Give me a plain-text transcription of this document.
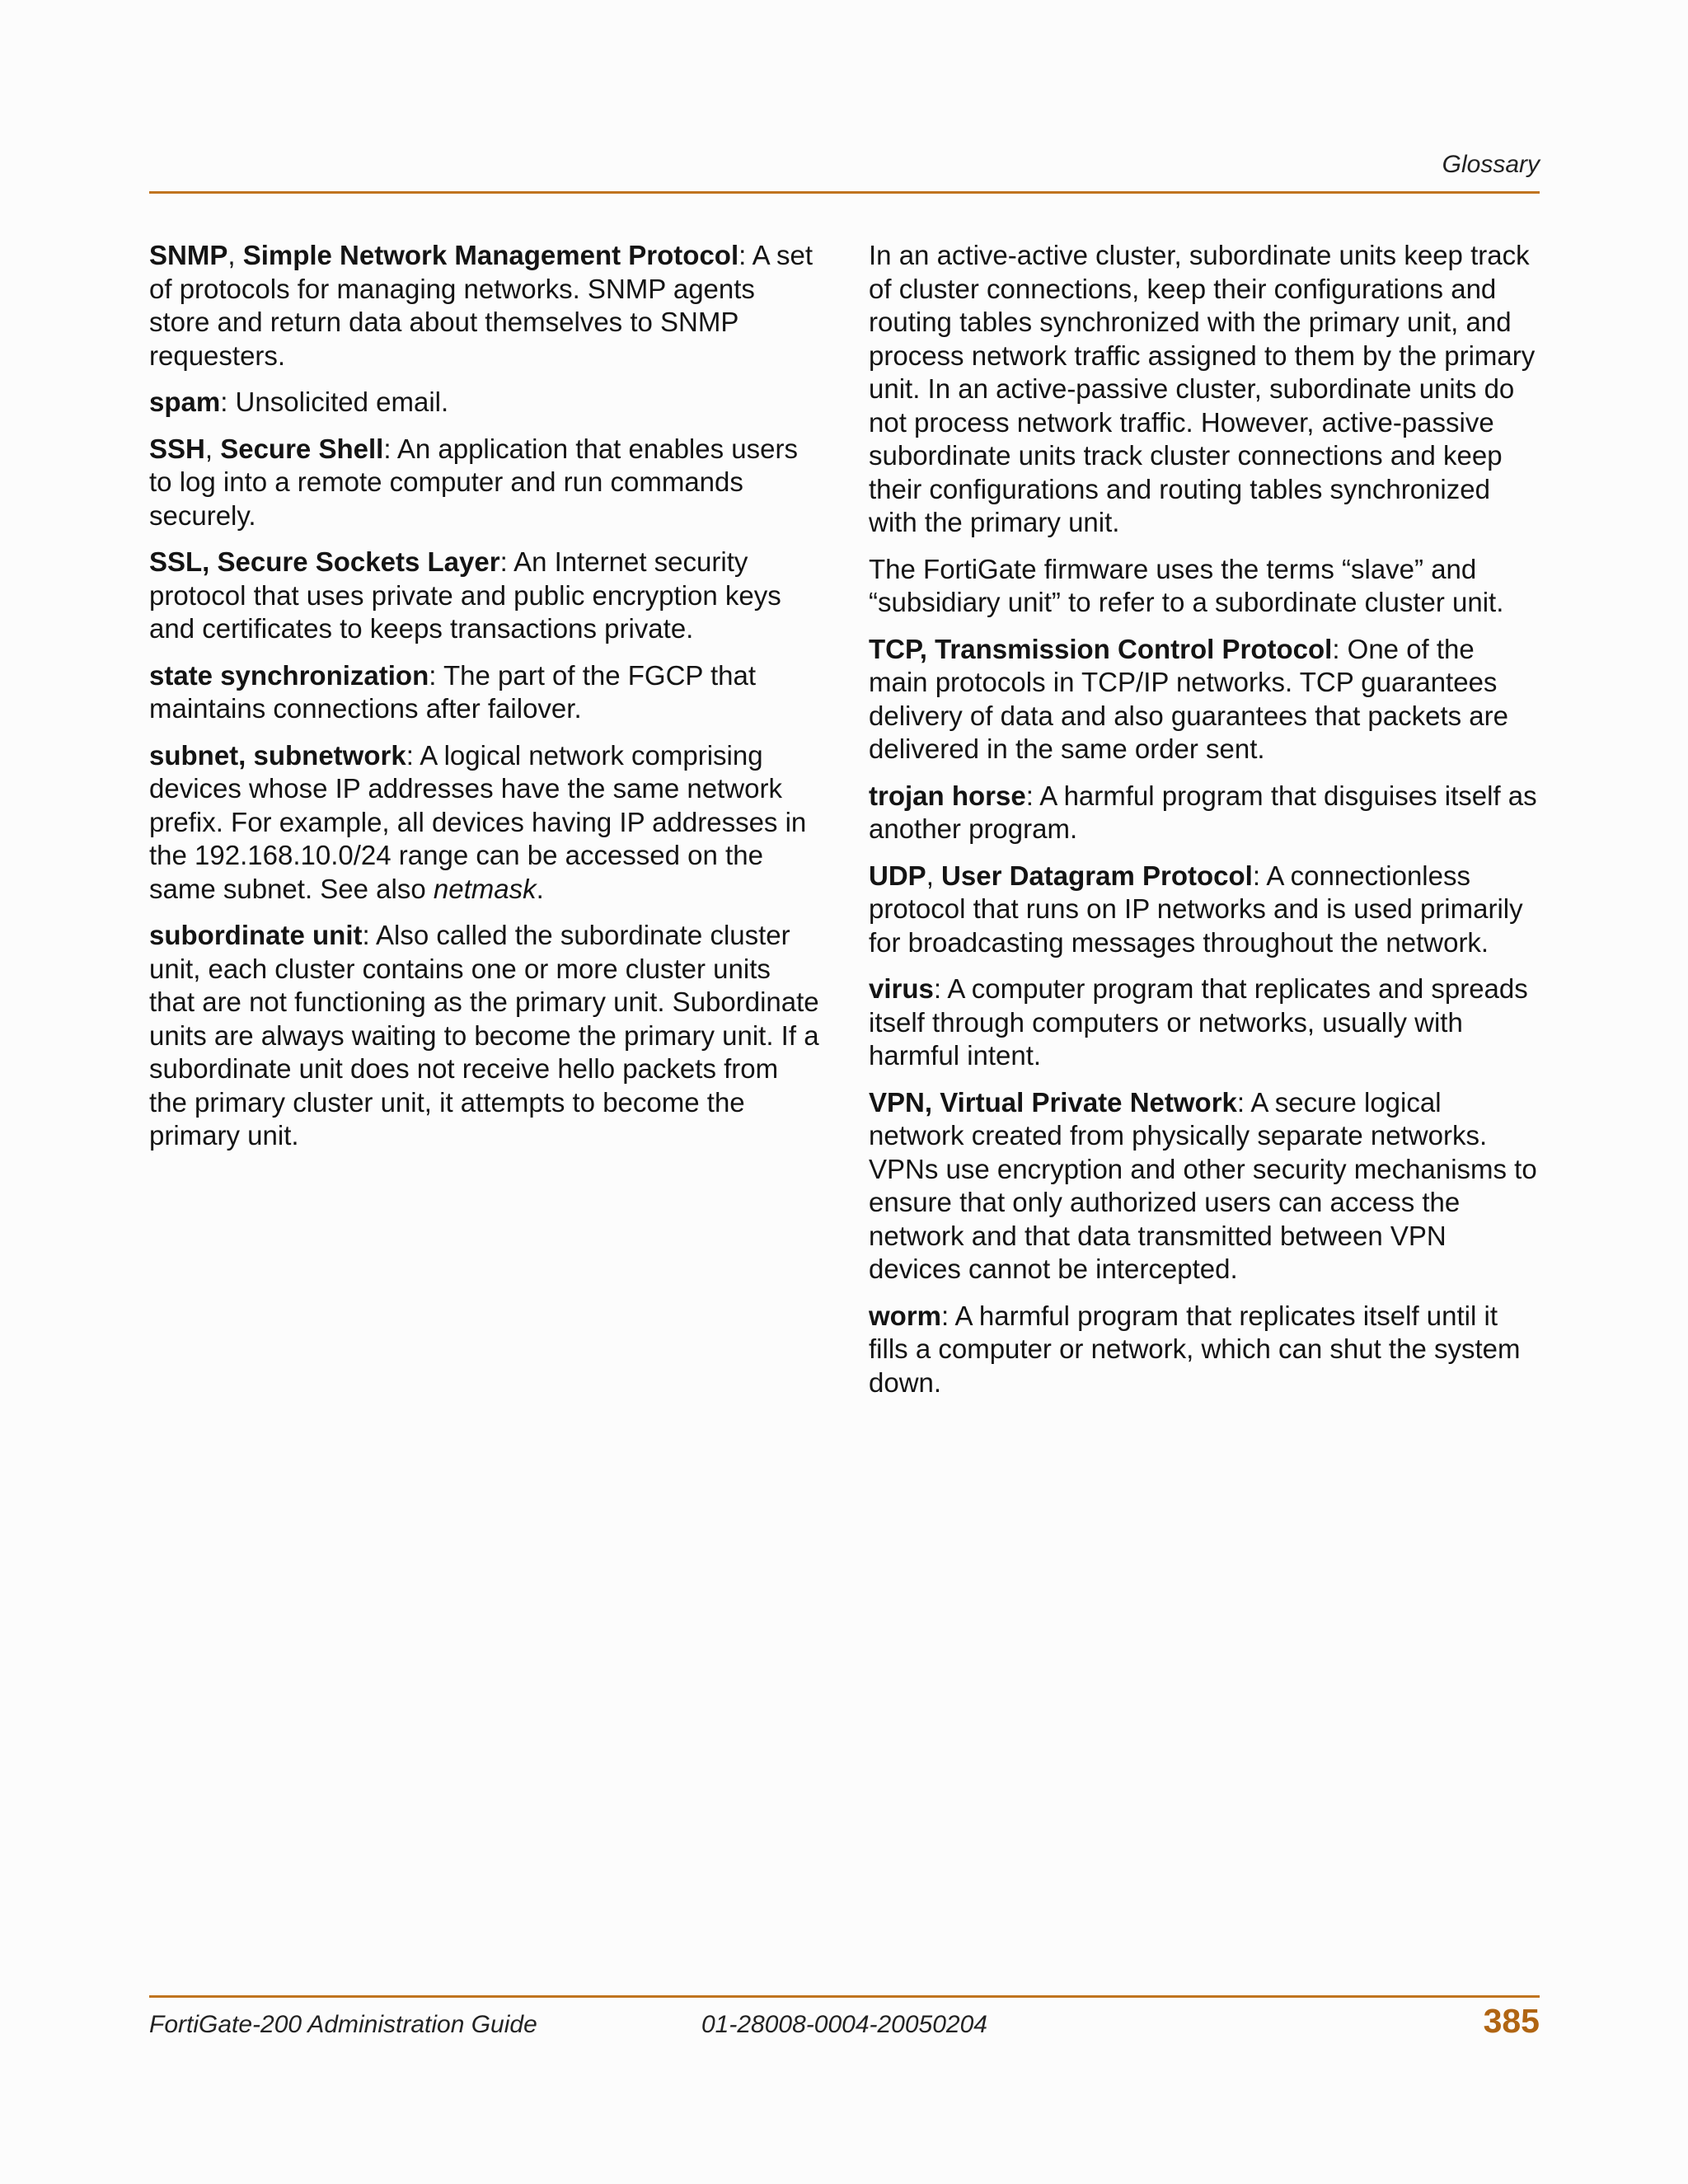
Glossary

SNMP, Simple Network Management Protocol: A set of protocols for managing networks. SNMP agents store and return data about themselves to SNMP requesters.

spam: Unsolicited email.

SSH, Secure Shell: An application that enables users to log into a remote computer and run commands securely.

SSL, Secure Sockets Layer: An Internet security protocol that uses private and public encryption keys and certificates to keeps transactions private.

state synchronization: The part of the FGCP that maintains connections after failover.

subnet, subnetwork: A logical network comprising devices whose IP addresses have the same network prefix. For example, all devices having IP addresses in the 192.168.10.0/24 range can be accessed on the same subnet. See also netmask.

subordinate unit: Also called the subordinate cluster unit, each cluster contains one or more cluster units that are not functioning as the primary unit. Subordinate units are always waiting to become the primary unit. If a subordinate unit does not receive hello packets from the primary cluster unit, it attempts to become the primary unit.

In an active-active cluster, subordinate units keep track of cluster connections, keep their configurations and routing tables synchronized with the primary unit, and process network traffic assigned to them by the primary unit. In an active-passive cluster, subordinate units do not process network traffic. However, active-passive subordinate units track cluster connections and keep their configurations and routing tables synchronized with the primary unit.

The FortiGate firmware uses the terms “slave” and “subsidiary unit” to refer to a subordinate cluster unit.

TCP, Transmission Control Protocol: One of the main protocols in TCP/IP networks. TCP guarantees delivery of data and also guarantees that packets are delivered in the same order sent.

trojan horse: A harmful program that disguises itself as another program.

UDP, User Datagram Protocol: A connectionless protocol that runs on IP networks and is used primarily for broadcasting messages throughout the network.

virus: A computer program that replicates and spreads itself through computers or networks, usually with harmful intent.

VPN, Virtual Private Network: A secure logical network created from physically separate networks. VPNs use encryption and other security mechanisms to ensure that only authorized users can access the network and that data transmitted between VPN devices cannot be intercepted.

worm: A harmful program that replicates itself until it fills a computer or network, which can shut the system down.

FortiGate-200 Administration Guide	01-28008-0004-20050204	385
